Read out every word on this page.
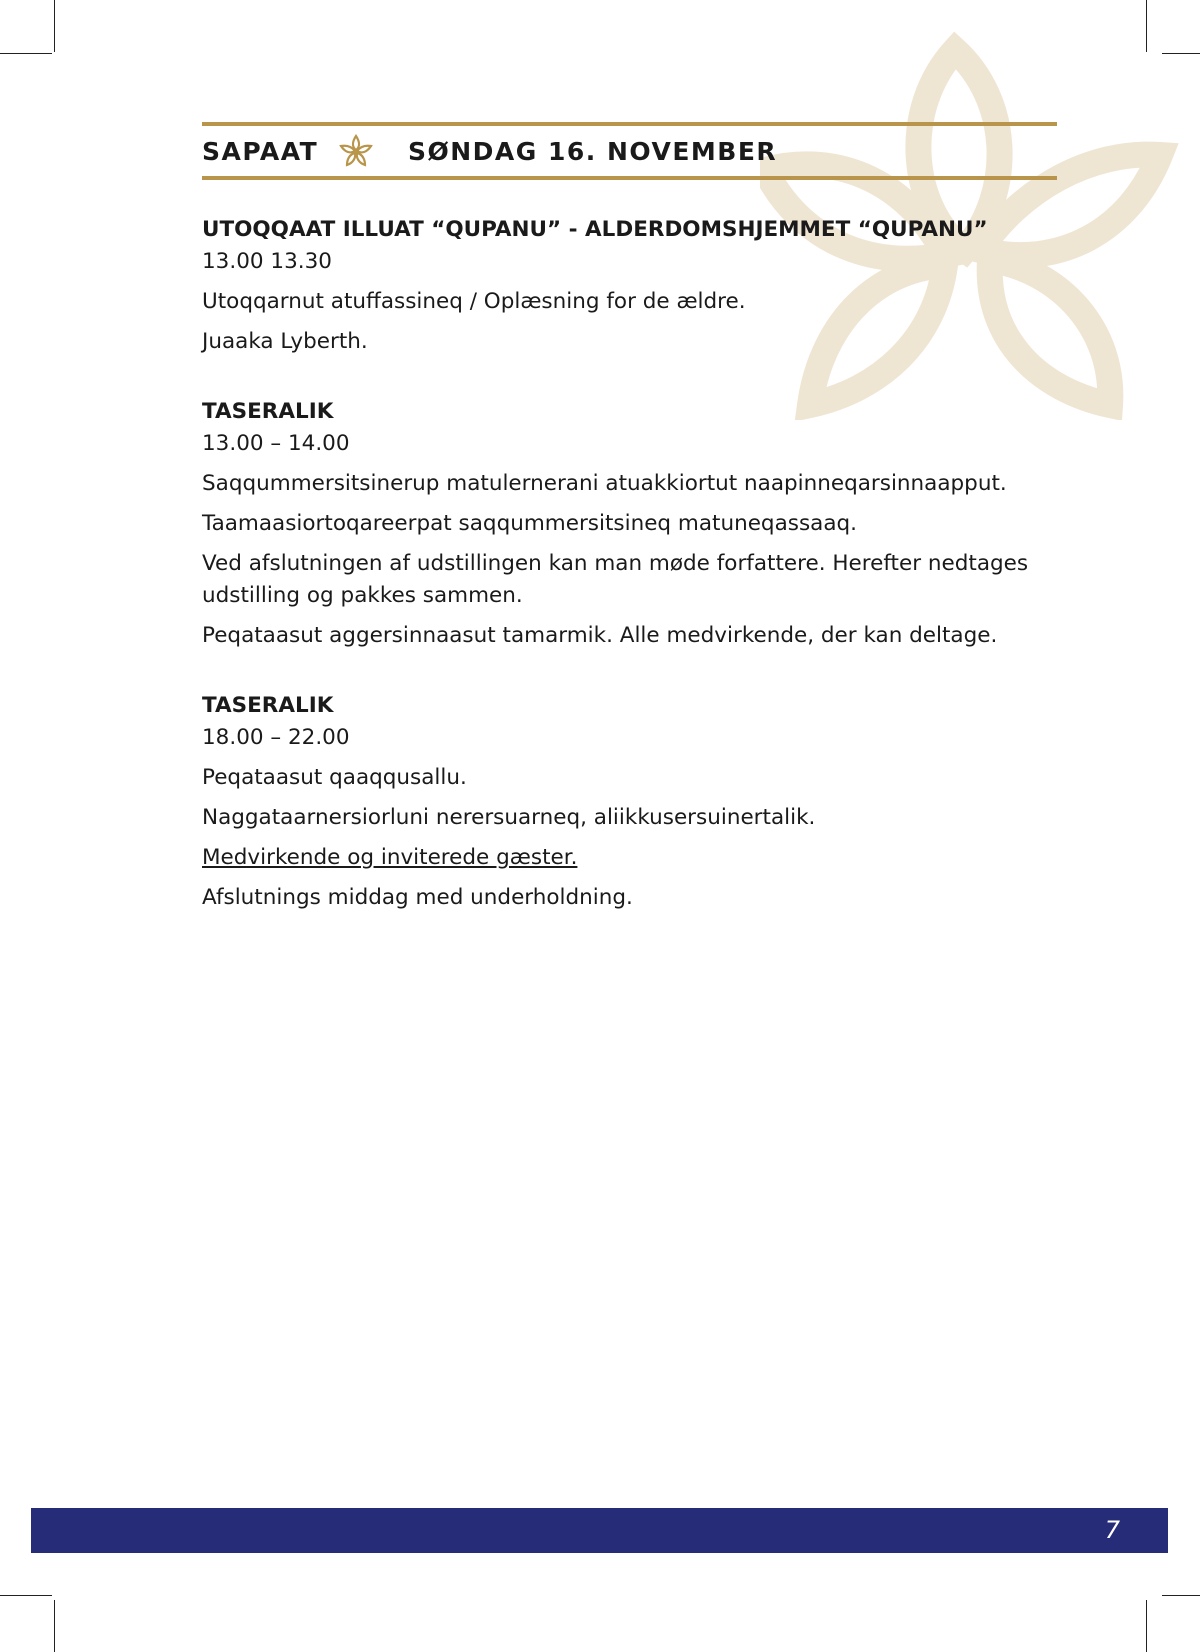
SAPAAT	SØNDAG 16. NOVEMBER
UTOQQAAT ILLUAT “QUPANU” - ALDERDOMSHJEMMET “QUPANU”
13.00 13.30
Utoqqarnut atuffassineq / Oplæsning for de ældre.
Juaaka Lyberth.
TASERALIK
13.00 – 14.00
Saqqummersitsinerup matulernerani atuakkiortut naapinneqarsinnaapput.
Taamaasiortoqareerpat saqqummersitsineq matuneqassaaq.
Ved afslutningen af udstillingen kan man møde forfattere. Herefter nedtages udstilling og pakkes sammen.
Peqataasut aggersinnaasut tamarmik. Alle medvirkende, der kan deltage.
TASERALIK
18.00 – 22.00
Peqataasut qaaqqusallu.
Naggataarnersiorluni nerersuarneq, aliikkusersuinertalik.
Medvirkende og inviterede gæster.
Afslutnings middag med underholdning.
7
